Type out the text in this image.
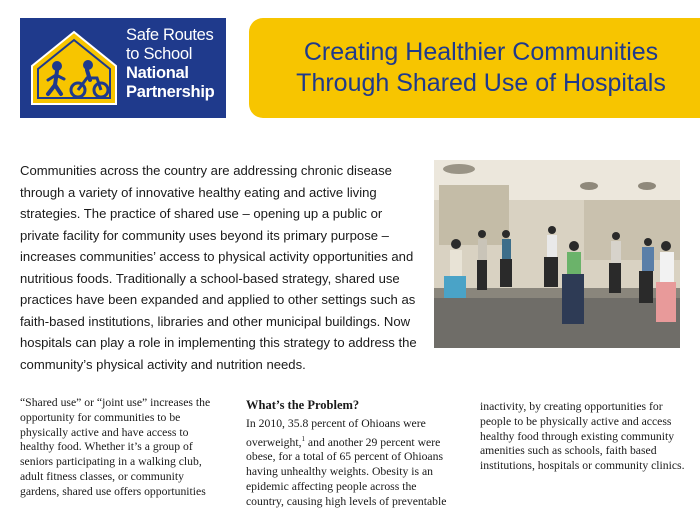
Safe Routes
to School
National
Partnership
Creating Healthier Communities
Through Shared Use of Hospitals
Communities across the country are addressing chronic disease through a variety of innovative healthy eating and active living strategies. The practice of shared use – opening up a public or private facility for community uses beyond its primary purpose – increases communities’ access to physical activity opportunities and nutritious foods. Traditionally a school-based strategy, shared use practices have been expanded and applied to other settings such as faith-based institutions, libraries and other municipal buildings. Now hospitals can play a role in implementing this strategy to address the community’s physical activity and nutrition needs.
“Shared use” or “joint use” increases the opportunity for communities to be physically active and have access to healthy food. Whether it’s a group of seniors participating in a walking club, adult fitness classes, or community gardens, shared use offers opportunities
What’s the Problem?

In 2010, 35.8 percent of Ohioans were overweight,$^1$ and another 29 percent were obese, for a total of 65 percent of Ohioans having unhealthy weights. Obesity is an epidemic affecting people across the country, causing high levels of preventable

inactivity, by creating opportunities for people to be physically active and access healthy food through existing community amenities such as schools, faith based institutions, hospitals or community clinics.
